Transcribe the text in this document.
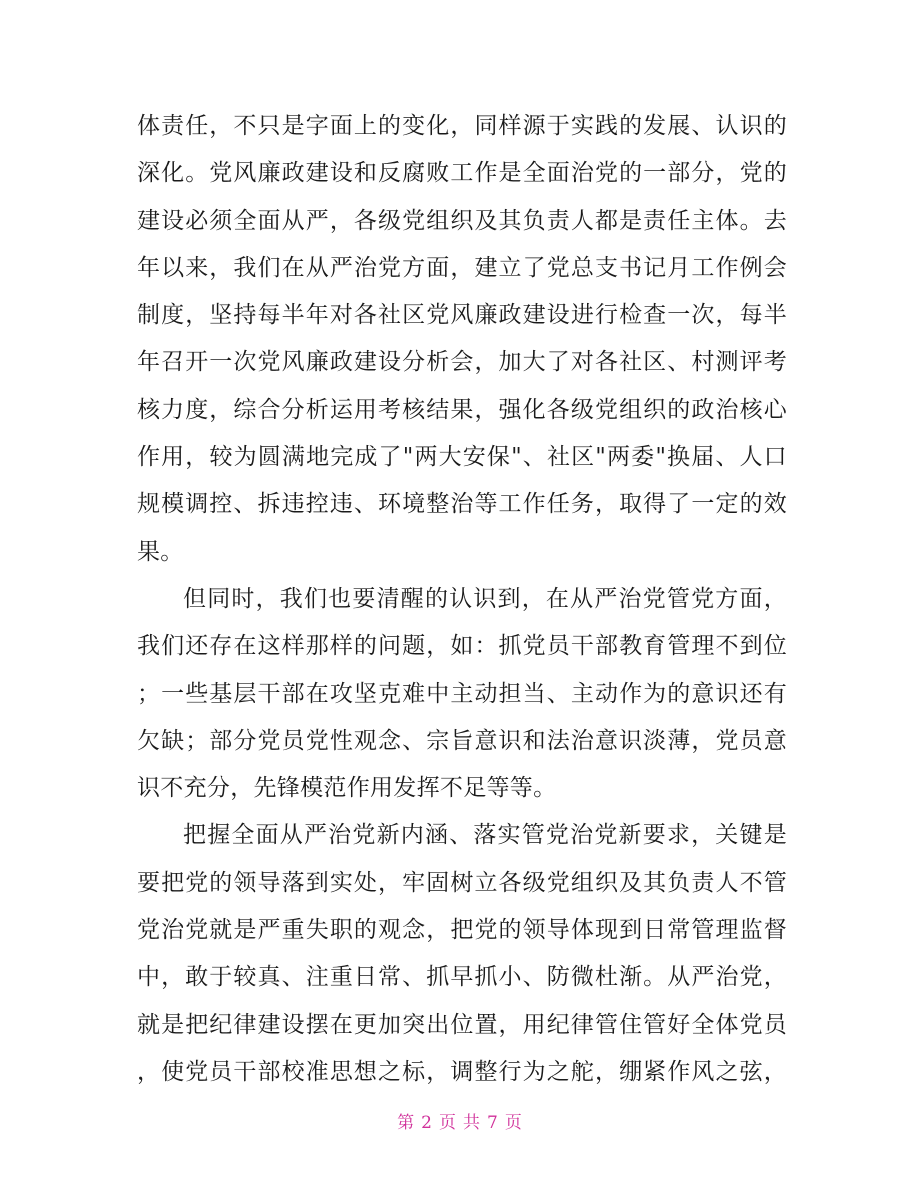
体责任，不只是字面上的变化，同样源于实践的发展、认识的
深化。党风廉政建设和反腐败工作是全面治党的一部分，党的
建设必须全面从严，各级党组织及其负责人都是责任主体。去
年以来，我们在从严治党方面，建立了党总支书记月工作例会
制度，坚持每半年对各社区党风廉政建设进行检查一次，每半
年召开一次党风廉政建设分析会，加大了对各社区、村测评考
核力度，综合分析运用考核结果，强化各级党组织的政治核心
作用，较为圆满地完成了"两大安保"、社区"两委"换届、人口
规模调控、拆违控违、环境整治等工作任务，取得了一定的效
果。
但同时，我们也要清醒的认识到，在从严治党管党方面，
我们还存在这样那样的问题，如：抓党员干部教育管理不到位
；一些基层干部在攻坚克难中主动担当、主动作为的意识还有
欠缺；部分党员党性观念、宗旨意识和法治意识淡薄，党员意
识不充分，先锋模范作用发挥不足等等。
把握全面从严治党新内涵、落实管党治党新要求，关键是
要把党的领导落到实处，牢固树立各级党组织及其负责人不管
党治党就是严重失职的观念，把党的领导体现到日常管理监督
中，敢于较真、注重日常、抓早抓小、防微杜渐。从严治党，
就是把纪律建设摆在更加突出位置，用纪律管住管好全体党员
，使党员干部校准思想之标，调整行为之舵，绷紧作风之弦，
第 2 页 共 7 页
